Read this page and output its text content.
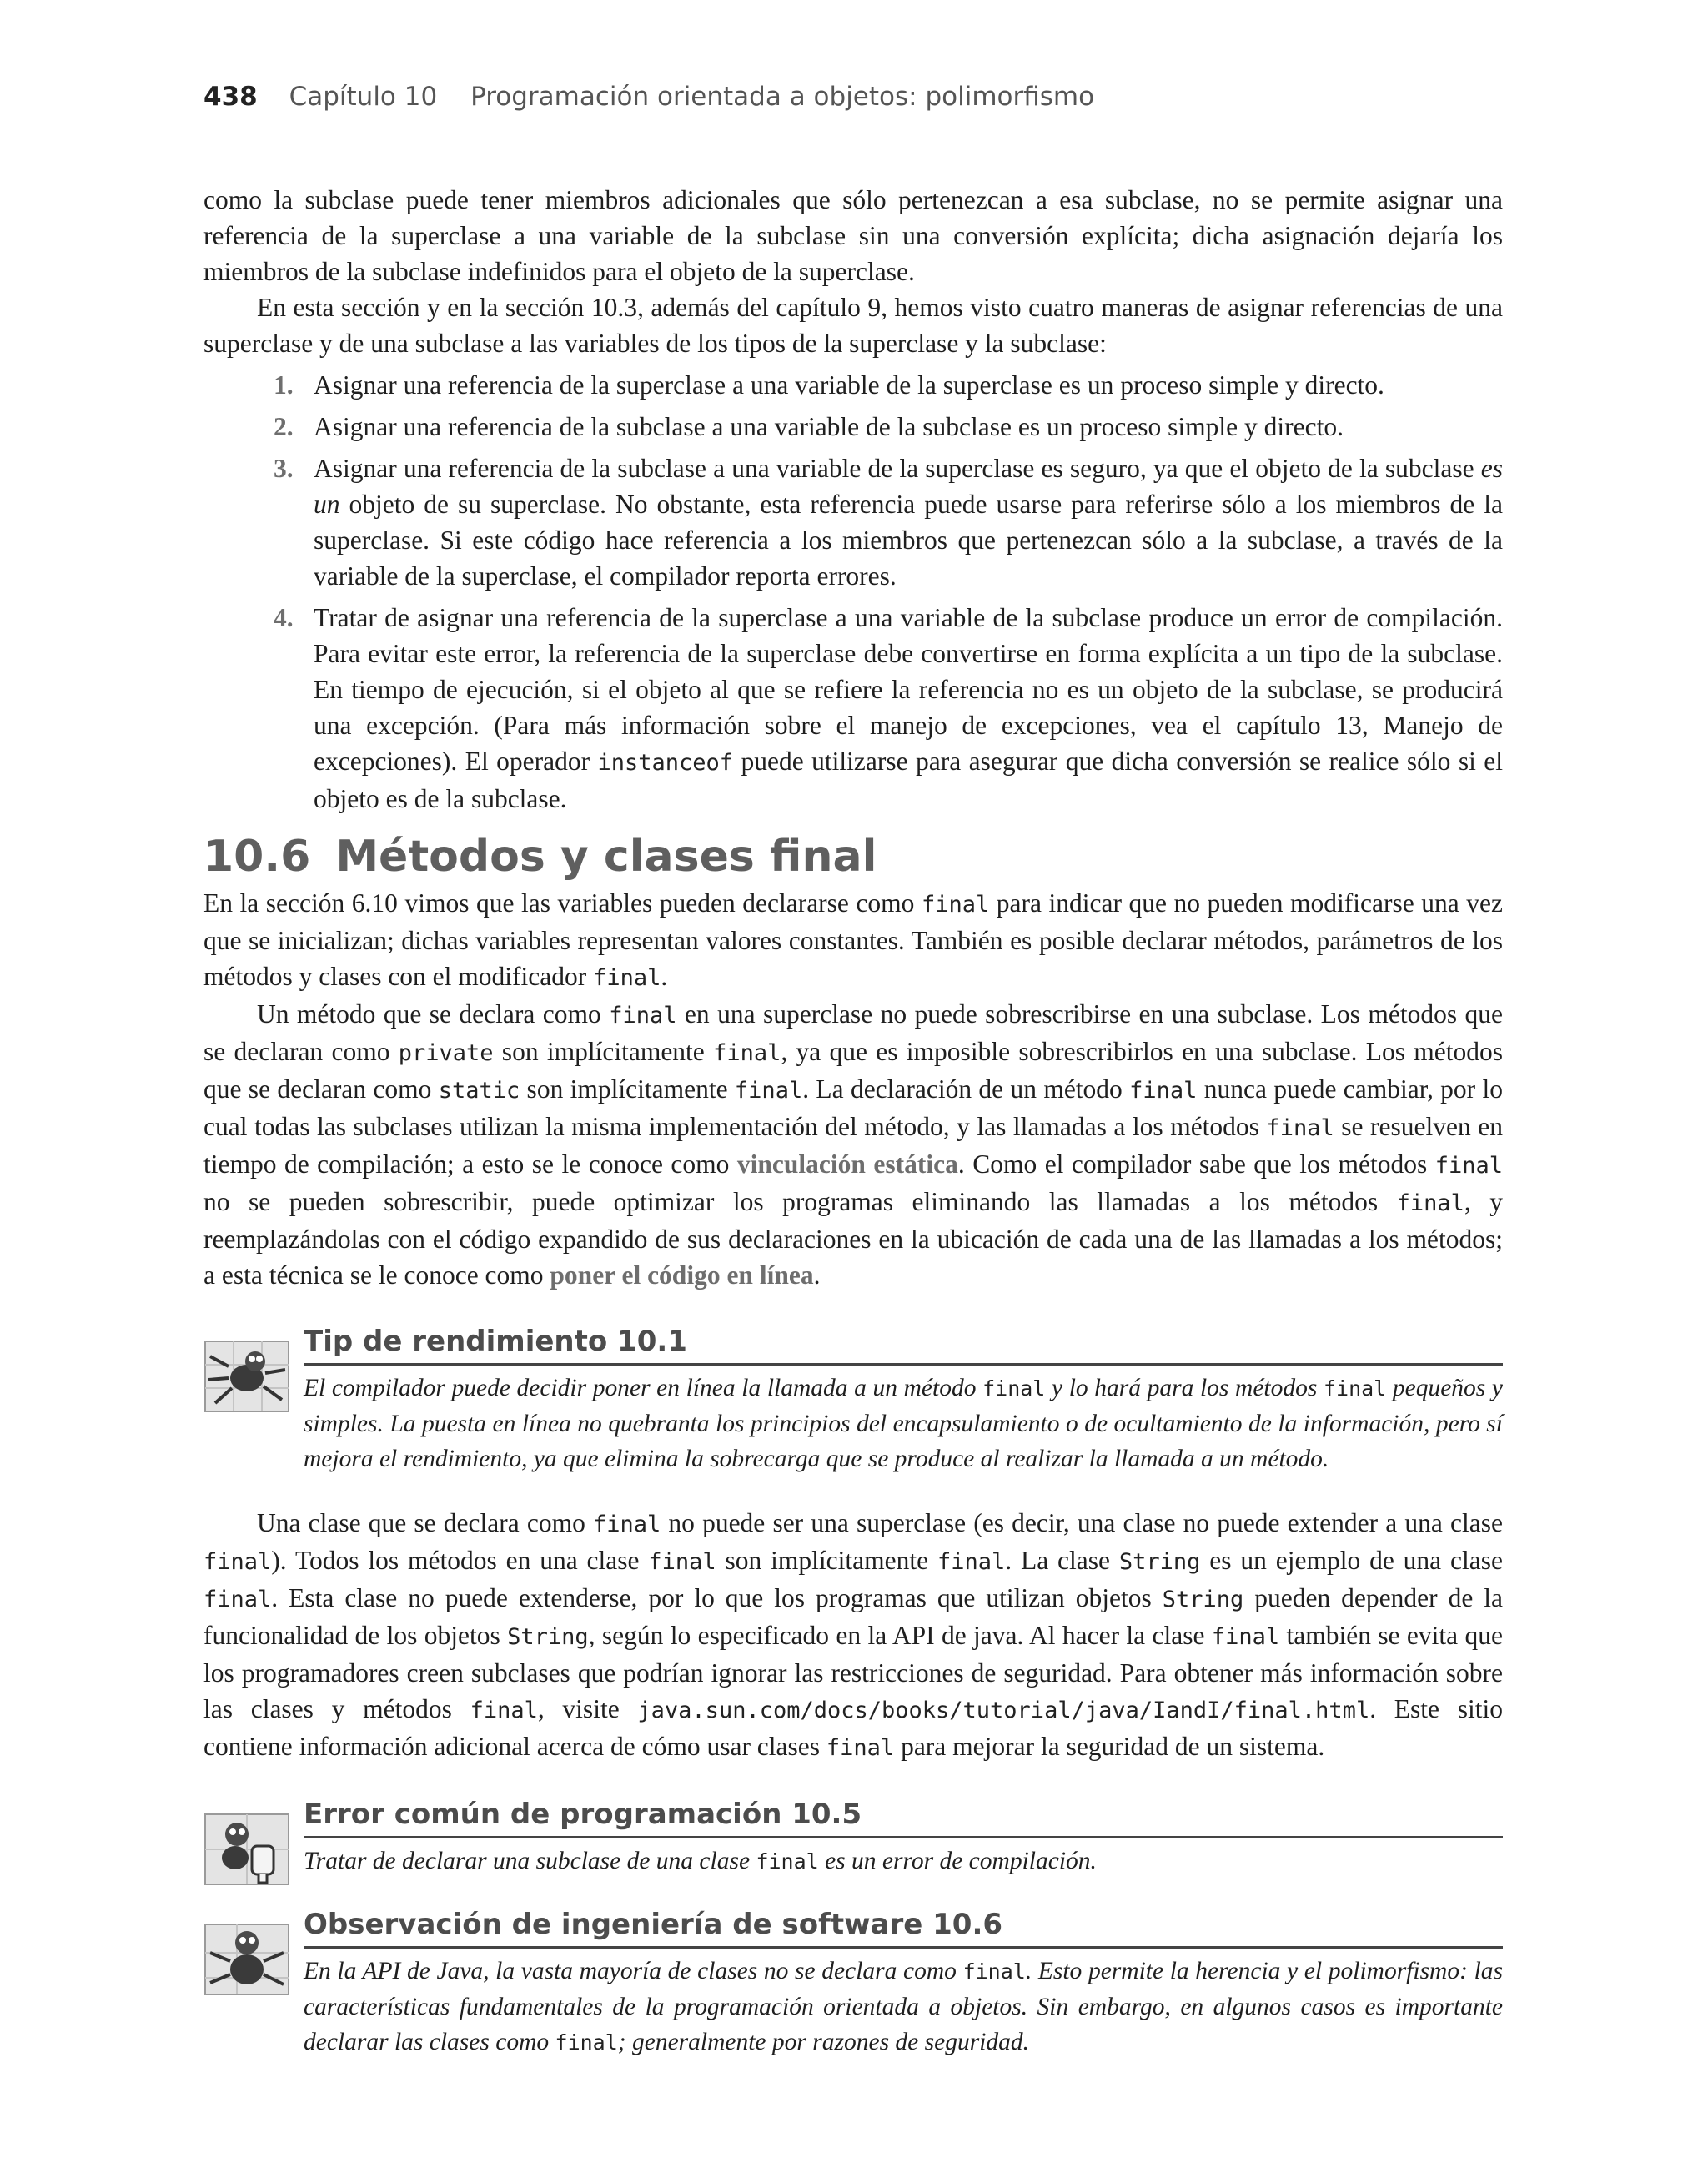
438 Capítulo 10 Programación orientada a objetos: polimorfismo

como la subclase puede tener miembros adicionales que sólo pertenezcan a esa subclase, no se permite asignar una referencia de la superclase a una variable de la subclase sin una conversión explícita; dicha asignación dejaría los miembros de la subclase indefinidos para el objeto de la superclase.

En esta sección y en la sección 10.3, además del capítulo 9, hemos visto cuatro maneras de asignar referencias de una superclase y de una subclase a las variables de los tipos de la superclase y la subclase:

1. Asignar una referencia de la superclase a una variable de la superclase es un proceso simple y directo.
2. Asignar una referencia de la subclase a una variable de la subclase es un proceso simple y directo.
3. Asignar una referencia de la subclase a una variable de la superclase es seguro, ya que el objeto de la subclase es un objeto de su superclase. No obstante, esta referencia puede usarse para referirse sólo a los miembros de la superclase. Si este código hace referencia a los miembros que pertenezcan sólo a la subclase, a través de la variable de la superclase, el compilador reporta errores.
4. Tratar de asignar una referencia de la superclase a una variable de la subclase produce un error de compilación. Para evitar este error, la referencia de la superclase debe convertirse en forma explícita a un tipo de la subclase. En tiempo de ejecución, si el objeto al que se refiere la referencia no es un objeto de la subclase, se producirá una excepción. (Para más información sobre el manejo de excepciones, vea el capítulo 13, Manejo de excepciones). El operador instanceof puede utilizarse para asegurar que dicha conversión se realice sólo si el objeto es de la subclase.
10.6 Métodos y clases final

En la sección 6.10 vimos que las variables pueden declararse como final para indicar que no pueden modificarse una vez que se inicializan; dichas variables representan valores constantes. También es posible declarar métodos, parámetros de los métodos y clases con el modificador final.

Un método que se declara como final en una superclase no puede sobrescribirse en una subclase. Los métodos que se declaran como private son implícitamente final, ya que es imposible sobrescribirlos en una subclase. Los métodos que se declaran como static son implícitamente final. La declaración de un método final nunca puede cambiar, por lo cual todas las subclases utilizan la misma implementación del método, y las llamadas a los métodos final se resuelven en tiempo de compilación; a esto se le conoce como vinculación estática. Como el compilador sabe que los métodos final no se pueden sobrescribir, puede optimizar los programas eliminando las llamadas a los métodos final, y reemplazándolas con el código expandido de sus declaraciones en la ubicación de cada una de las llamadas a los métodos; a esta técnica se le conoce como poner el código en línea.

Tip de rendimiento 10.1
El compilador puede decidir poner en línea la llamada a un método final y lo hará para los métodos final pequeños y simples. La puesta en línea no quebranta los principios del encapsulamiento o de ocultamiento de la información, pero sí mejora el rendimiento, ya que elimina la sobrecarga que se produce al realizar la llamada a un método.

Una clase que se declara como final no puede ser una superclase (es decir, una clase no puede extender a una clase final). Todos los métodos en una clase final son implícitamente final. La clase String es un ejemplo de una clase final. Esta clase no puede extenderse, por lo que los programas que utilizan objetos String pueden depender de la funcionalidad de los objetos String, según lo especificado en la API de java. Al hacer la clase final también se evita que los programadores creen subclases que podrían ignorar las restricciones de seguridad. Para obtener más información sobre las clases y métodos final, visite java.sun.com/docs/books/tutorial/java/IandI/final.html. Este sitio contiene información adicional acerca de cómo usar clases final para mejorar la seguridad de un sistema.

Error común de programación 10.5
Tratar de declarar una subclase de una clase final es un error de compilación.
Observación de ingeniería de software 10.6
En la API de Java, la vasta mayoría de clases no se declara como final. Esto permite la herencia y el polimorfismo: las características fundamentales de la programación orientada a objetos. Sin embargo, en algunos casos es importante declarar las clases como final; generalmente por razones de seguridad.
